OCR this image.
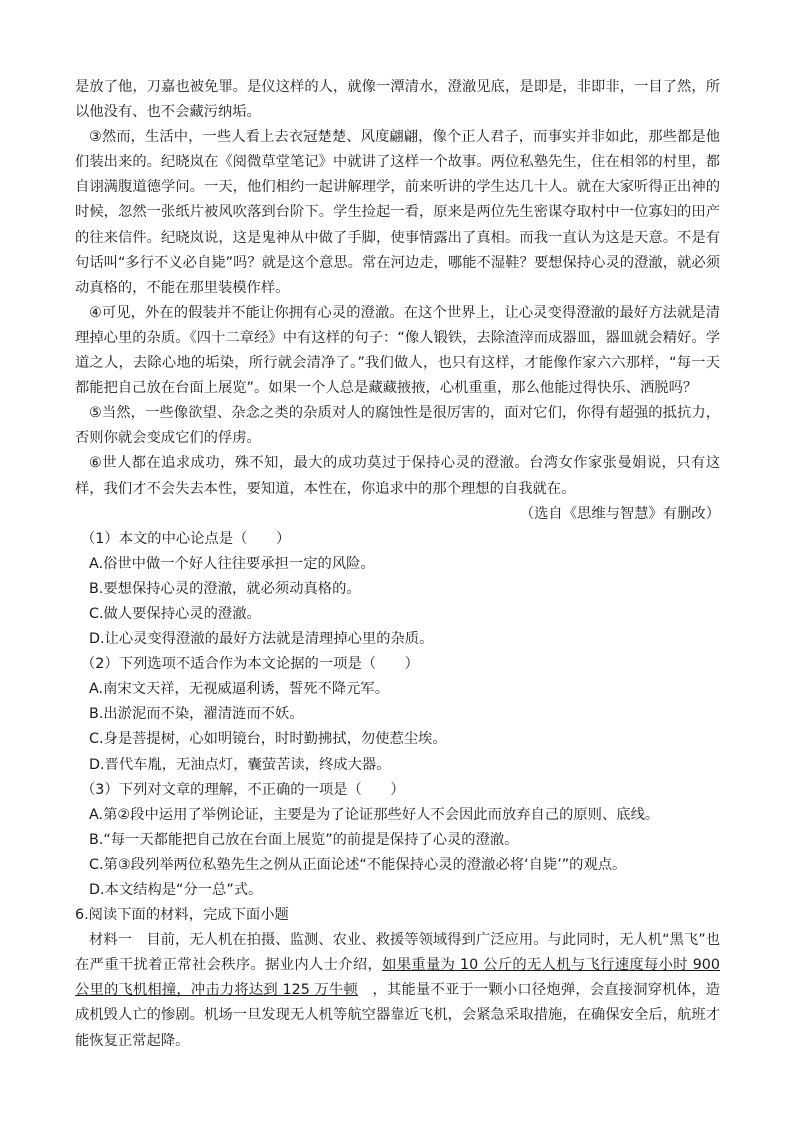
是放了他，刀嘉也被免罪。是仪这样的人，就像一潭清水，澄澈见底，是即是，非即非，一目了然，所以他没有、也不会藏污纳垢。

③然而，生活中，一些人看上去衣冠楚楚、风度翩翩，像个正人君子，而事实并非如此，那些都是他们装出来的。纪晓岚在《阅微草堂笔记》中就讲了这样一个故事。两位私塾先生，住在相邻的村里，都自诩满腹道德学问。一天，他们相约一起讲解理学，前来听讲的学生达几十人。就在大家听得正出神的时候，忽然一张纸片被风吹落到台阶下。学生捡起一看，原来是两位先生密谋夺取村中一位寡妇的田产的往来信件。纪晓岚说，这是鬼神从中做了手脚，使事情露出了真相。而我一直认为这是天意。不是有句话叫“多行不义必自毙”吗？就是这个意思。常在河边走，哪能不湿鞋？要想保持心灵的澄澈，就必须动真格的，不能在那里装模作样。

④可见，外在的假装并不能让你拥有心灵的澄澈。在这个世界上，让心灵变得澄澈的最好方法就是清理掉心里的杂质。《四十二章经》中有这样的句子：“像人锻铁，去除渣滓而成器皿，器皿就会精好。学道之人，去除心地的垢染，所行就会清净了。”我们做人，也只有这样，才能像作家六六那样，“每一天都能把自己放在台面上展览”。如果一个人总是藏藏掖掖，心机重重，那么他能过得快乐、洒脱吗？

⑤当然，一些像欲望、杂念之类的杂质对人的腐蚀性是很厉害的，面对它们，你得有超强的抵抗力，否则你就会变成它们的俘虏。

⑥世人都在追求成功，殊不知，最大的成功莫过于保持心灵的澄澈。台湾女作家张曼娟说，只有这样，我们才不会失去本性，要知道，本性在，你追求中的那个理想的自我就在。

（选自《思维与智慧》有删改）

（1）本文的中心论点是（　　）

A.俗世中做一个好人往往要承担一定的风险。

B.要想保持心灵的澄澈，就必须动真格的。

C.做人要保持心灵的澄澈。

D.让心灵变得澄澈的最好方法就是清理掉心里的杂质。

（2）下列选项不适合作为本文论据的一项是（　　）

A.南宋文天祥，无视威逼利诱，誓死不降元军。

B.出淤泥而不染，濯清涟而不妖。

C.身是菩提树，心如明镜台，时时勤拂拭，勿使惹尘埃。

D.晋代车胤，无油点灯，囊萤苦读，终成大器。

（3）下列对文章的理解，不正确的一项是（　　）

A.第②段中运用了举例论证，主要是为了论证那些好人不会因此而放弃自己的原则、底线。

B.“每一天都能把自己放在台面上展览”的前提是保持了心灵的澄澈。

C.第③段列举两位私塾先生之例从正面论述“不能保持心灵的澄澈必将‘自毙’”的观点。

D.本文结构是“分一总”式。

6.阅读下面的材料，完成下面小题

材料一　目前，无人机在拍摄、监测、农业、救援等领域得到广泛应用。与此同时，无人机“黑飞”也在严重干扰着正常社会秩序。据业内人士介绍，如果重量为 10 公斤的无人机与飞行速度每小时 900 公里的飞机相撞，冲击力将达到 125 万牛顿　，其能量不亚于一颗小口径炮弹，会直接洞穿机体，造成机毁人亡的惨剧。机场一旦发现无人机等航空器靠近飞机，会紧急采取措施，在确保安全后，航班才能恢复正常起降。
